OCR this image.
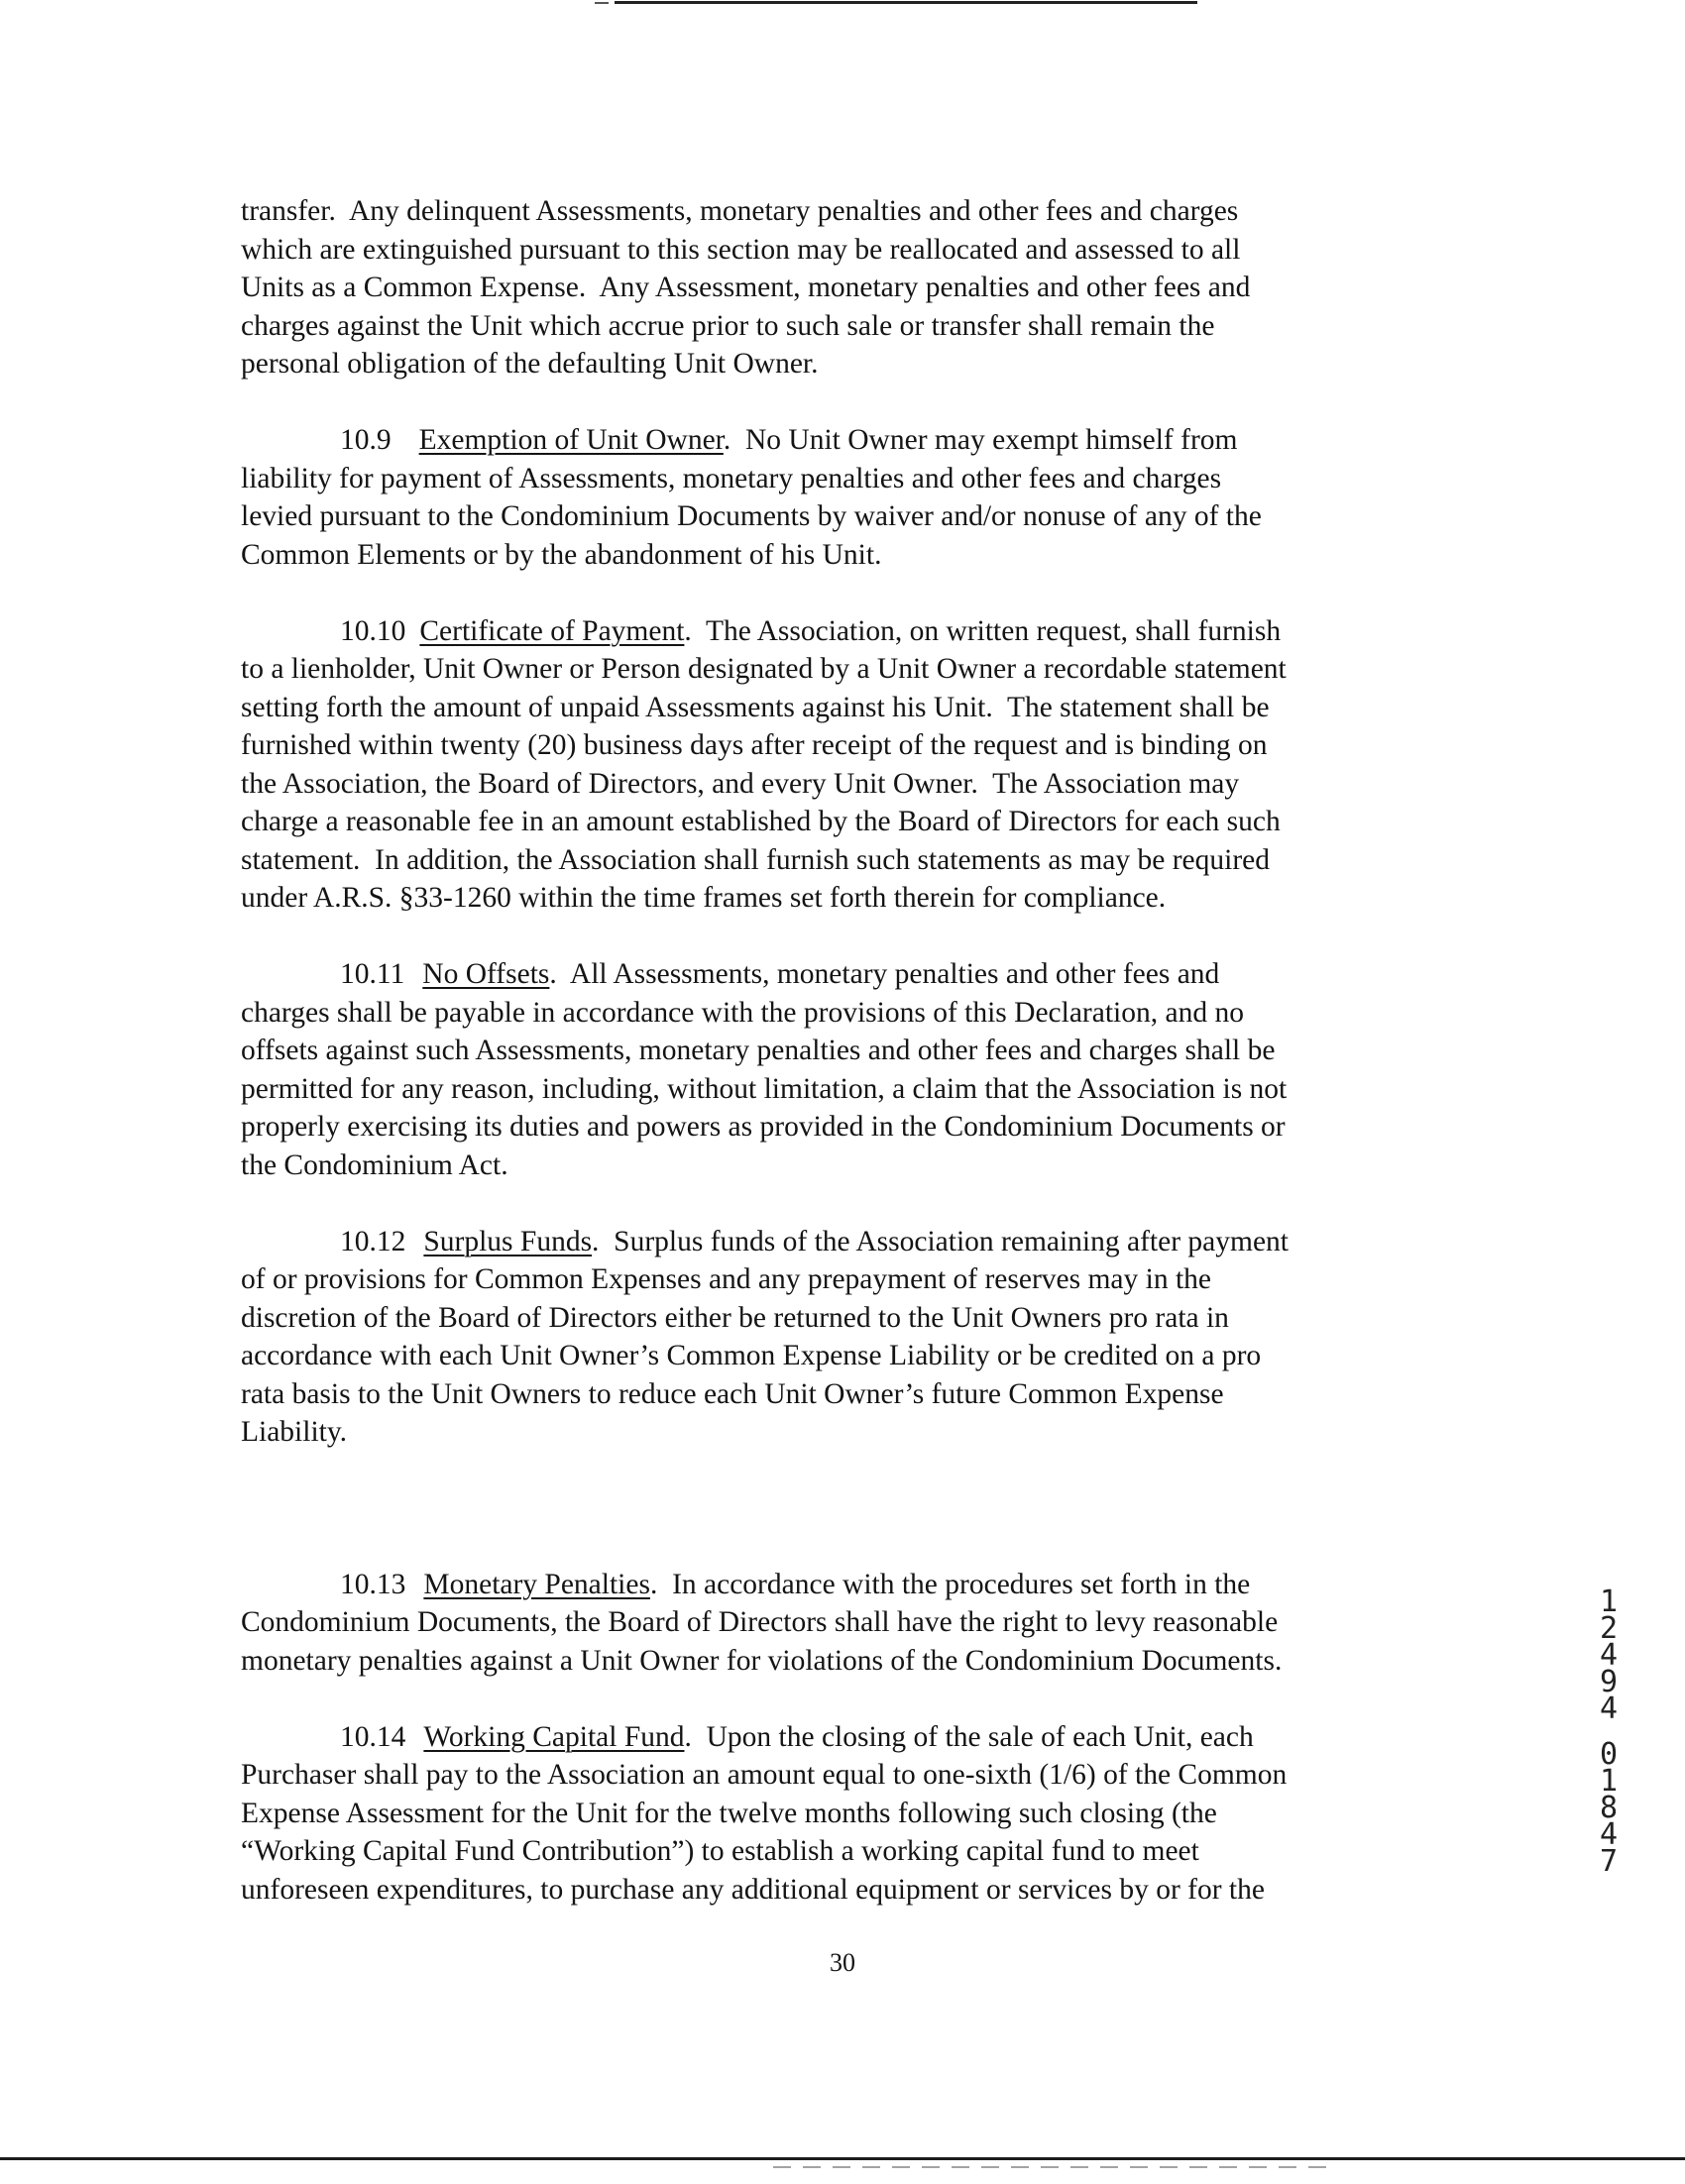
transfer.  Any delinquent Assessments, monetary penalties and other fees and charges
which are extinguished pursuant to this section may be reallocated and assessed to all
Units as a Common Expense.  Any Assessment, monetary penalties and other fees and
charges against the Unit which accrue prior to such sale or transfer shall remain the
personal obligation of the defaulting Unit Owner.
10.9 Exemption of Unit Owner.  No Unit Owner may exempt himself from
liability for payment of Assessments, monetary penalties and other fees and charges
levied pursuant to the Condominium Documents by waiver and/or nonuse of any of the
Common Elements or by the abandonment of his Unit.
10.10 Certificate of Payment.  The Association, on written request, shall furnish
to a lienholder, Unit Owner or Person designated by a Unit Owner a recordable statement
setting forth the amount of unpaid Assessments against his Unit.  The statement shall be
furnished within twenty (20) business days after receipt of the request and is binding on
the Association, the Board of Directors, and every Unit Owner.  The Association may
charge a reasonable fee in an amount established by the Board of Directors for each such
statement.  In addition, the Association shall furnish such statements as may be required
under A.R.S. §33-1260 within the time frames set forth therein for compliance.
10.11 No Offsets.  All Assessments, monetary penalties and other fees and
charges shall be payable in accordance with the provisions of this Declaration, and no
offsets against such Assessments, monetary penalties and other fees and charges shall be
permitted for any reason, including, without limitation, a claim that the Association is not
properly exercising its duties and powers as provided in the Condominium Documents or
the Condominium Act.
10.12 Surplus Funds.  Surplus funds of the Association remaining after payment
of or provisions for Common Expenses and any prepayment of reserves may in the
discretion of the Board of Directors either be returned to the Unit Owners pro rata in
accordance with each Unit Owner’s Common Expense Liability or be credited on a pro
rata basis to the Unit Owners to reduce each Unit Owner’s future Common Expense
Liability.
10.13 Monetary Penalties.  In accordance with the procedures set forth in the
Condominium Documents, the Board of Directors shall have the right to levy reasonable
monetary penalties against a Unit Owner for violations of the Condominium Documents.
10.14 Working Capital Fund.  Upon the closing of the sale of each Unit, each
Purchaser shall pay to the Association an amount equal to one-sixth (1/6) of the Common
Expense Assessment for the Unit for the twelve months following such closing (the
“Working Capital Fund Contribution”) to establish a working capital fund to meet
unforeseen expenditures, to purchase any additional equipment or services by or for the
30
1
2
4
9
4
0
1
8
4
7
